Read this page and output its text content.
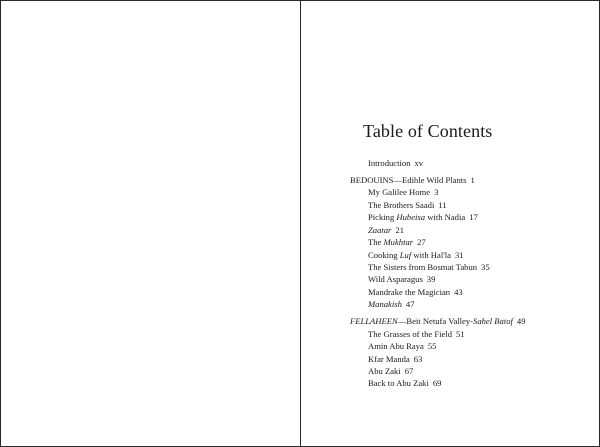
Table of Contents
Introduction xv
BEDOUINS—Edible Wild Plants 1
My Galilee Home 3
The Brothers Saadi 11
Picking Hubeisa with Nadia 17
Zaatar 21
The Mukhtar 27
Cooking Luf with Hal'la 31
The Sisters from Bosmat Tabun 35
Wild Asparagus 39
Mandrake the Magician 43
Manakish 47
FELLAHEEN—Beit Netufa Valley-Sahel Batof 49
The Grasses of the Field 51
Amin Abu Raya 55
Kfar Manda 63
Abu Zaki 67
Back to Abu Zaki 69
